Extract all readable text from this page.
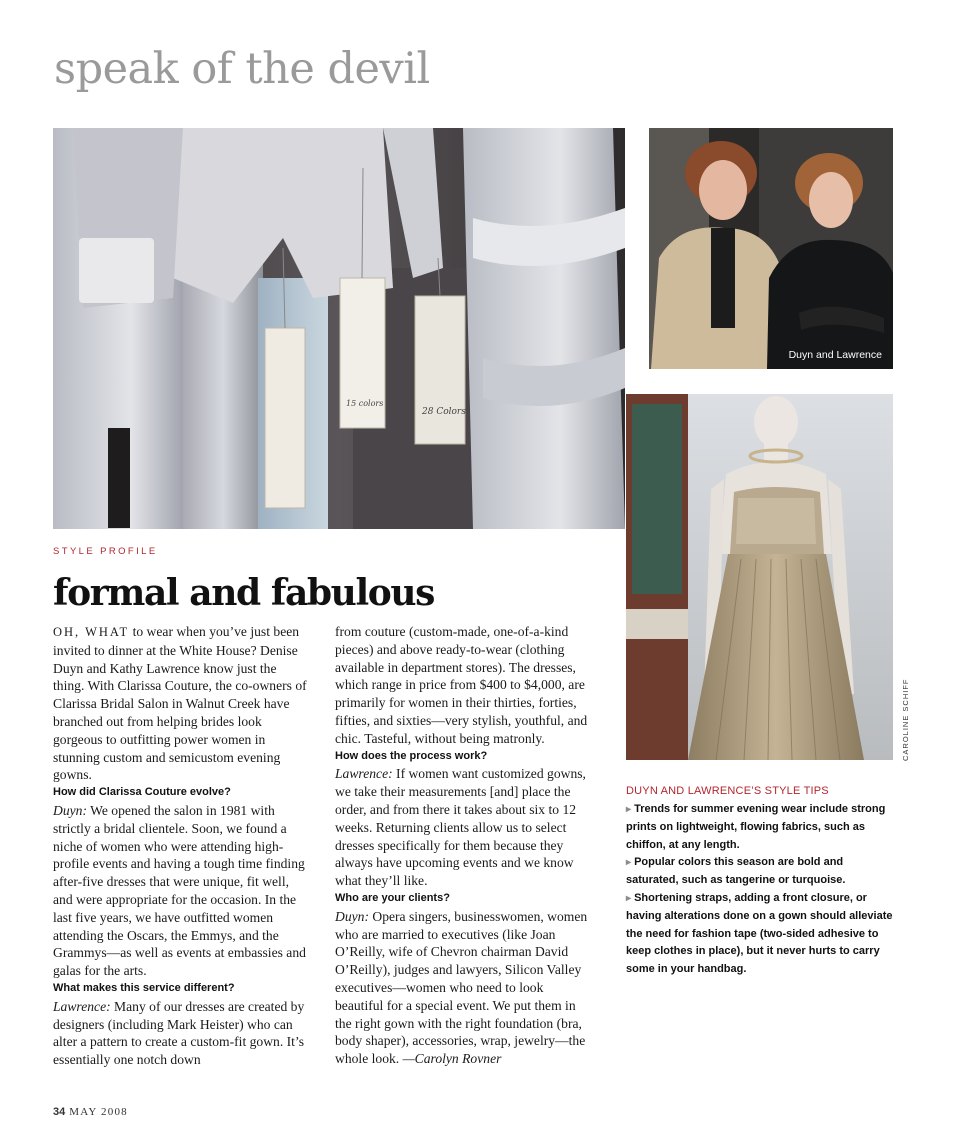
speak of the devil
28 Colors
15 colors
Duyn and Lawrence
CAROLINE SCHIFF
STYLE PROFILE
formal and fabulous

OH, WHAT to wear when you’ve just been invited to dinner at the White House? Denise Duyn and Kathy Lawrence know just the thing. With Clarissa Couture, the co-owners of Clarissa Bridal Salon in Walnut Creek have branched out from helping brides look gorgeous to outfitting power women in stunning custom and semicustom evening gowns.

How did Clarissa Couture evolve?

Duyn: We opened the salon in 1981 with strictly a bridal clientele. Soon, we found a niche of women who were attending high-profile events and having a tough time finding after-five dresses that were unique, fit well, and were appropriate for the occasion. In the last five years, we have outfitted women attending the Oscars, the Emmys, and the Grammys—as well as events at embassies and galas for the arts.

What makes this service different?

Lawrence: Many of our dresses are created by designers (including Mark Heister) who can alter a pattern to create a custom-fit gown. It’s essentially one notch down

from couture (custom-made, one-of-a-kind pieces) and above ready-to-wear (clothing available in department stores). The dresses, which range in price from $400 to $4,000, are primarily for women in their thirties, forties, fifties, and sixties—very stylish, youthful, and chic. Tasteful, without being matronly.

How does the process work?

Lawrence: If women want customized gowns, we take their measurements [and] place the order, and from there it takes about six to 12 weeks. Returning clients allow us to select dresses specifically for them because they always have upcoming events and we know what they’ll like.

Who are your clients?

Duyn: Opera singers, businesswomen, women who are married to executives (like Joan O’Reilly, wife of Chevron chairman David O’Reilly), judges and lawyers, Silicon Valley executives—women who need to look beautiful for a special event. We put them in the right gown with the right foundation (bra, body shaper), accessories, wrap, jewelry—the whole look. —Carolyn Rovner

DUYN AND LAWRENCE’S STYLE TIPS

▸ Trends for summer evening wear include strong prints on lightweight, flowing fabrics, such as chiffon, at any length.

▸ Popular colors this season are bold and saturated, such as tangerine or turquoise.

▸ Shortening straps, adding a front closure, or having alterations done on a gown should alleviate the need for fashion tape (two-sided adhesive to keep clothes in place), but it never hurts to carry some in your handbag.

34 MAY 2008
